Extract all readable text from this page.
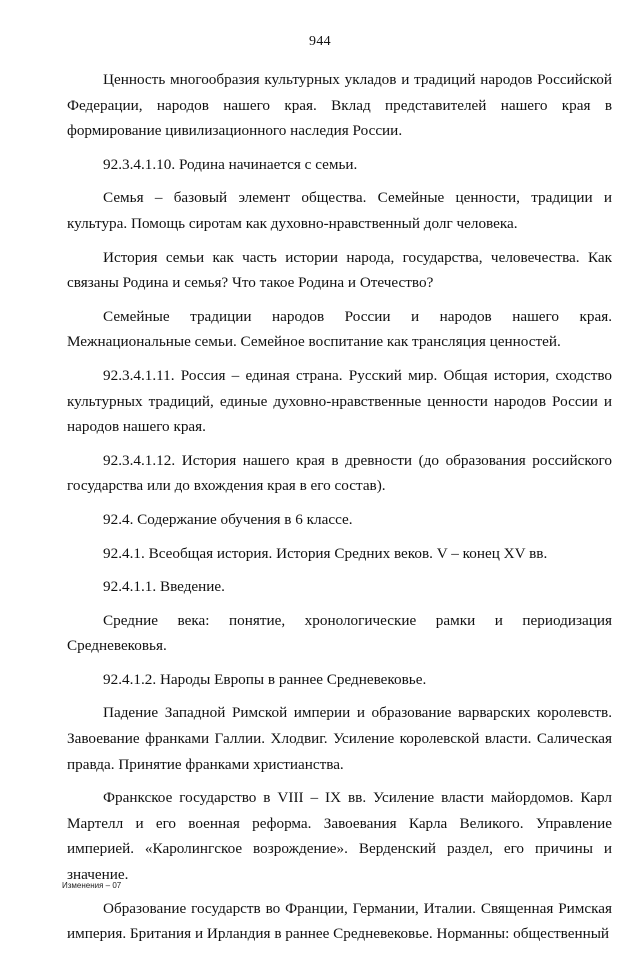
944

Ценность многообразия культурных укладов и традиций народов Российской Федерации, народов нашего края. Вклад представителей нашего края в формирование цивилизационного наследия России.

92.3.4.1.10. Родина начинается с семьи.

Семья – базовый элемент общества. Семейные ценности, традиции и культура. Помощь сиротам как духовно-нравственный долг человека.

История семьи как часть истории народа, государства, человечества. Как связаны Родина и семья? Что такое Родина и Отечество?

Семейные традиции народов России и народов нашего края. Межнациональные семьи. Семейное воспитание как трансляция ценностей.

92.3.4.1.11. Россия – единая страна. Русский мир. Общая история, сходство культурных традиций, единые духовно-нравственные ценности народов России и народов нашего края.

92.3.4.1.12. История нашего края в древности (до образования российского государства или до вхождения края в его состав).

92.4. Содержание обучения в 6 классе.

92.4.1. Всеобщая история. История Средних веков. V – конец XV вв.

92.4.1.1. Введение.

Средние века: понятие, хронологические рамки и периодизация Средневековья.

92.4.1.2. Народы Европы в раннее Средневековье.

Падение Западной Римской империи и образование варварских королевств. Завоевание франками Галлии. Хлодвиг. Усиление королевской власти. Салическая правда. Принятие франками христианства.

Франкское государство в VIII – IX вв. Усиление власти майордомов. Карл Мартелл и его военная реформа. Завоевания Карла Великого. Управление империей. «Каролингское возрождение». Верденский раздел, его причины и значение.

Образование государств во Франции, Германии, Италии. Священная Римская империя. Британия и Ирландия в раннее Средневековье. Норманны: общественный

Изменения – 07
